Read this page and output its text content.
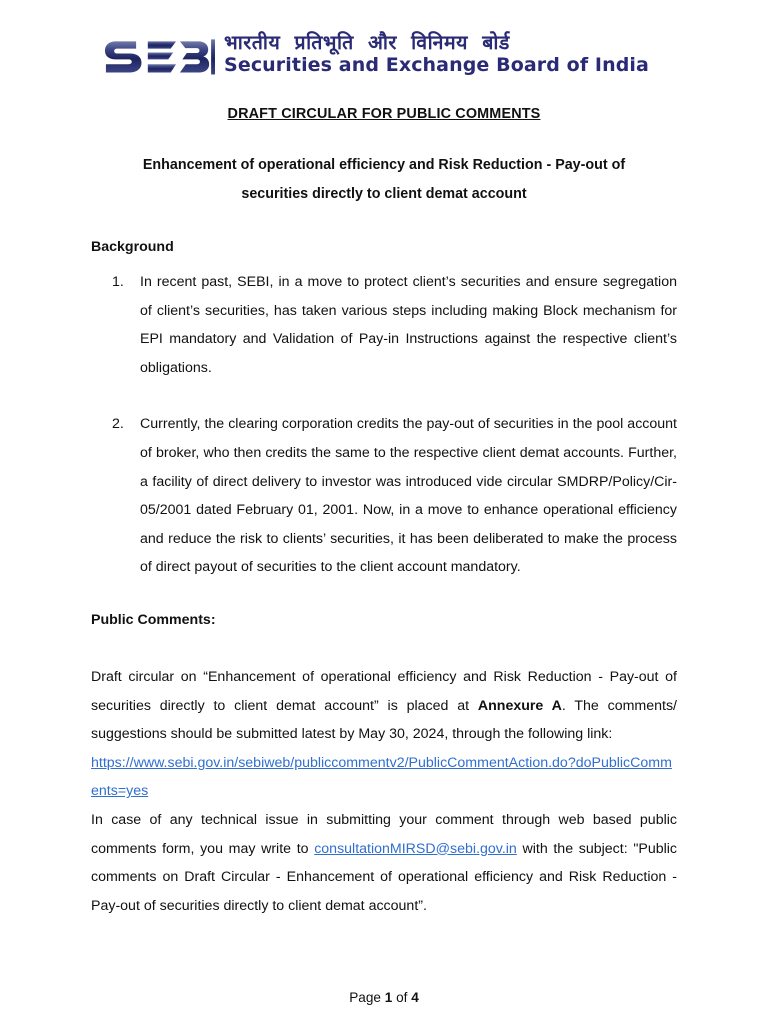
भारतीय प्रतिभूति और विनिमय बोर्ड
Securities and Exchange Board of India
DRAFT CIRCULAR FOR PUBLIC COMMENTS
Enhancement of operational efficiency and Risk Reduction - Pay-out of securities directly to client demat account
Background
1.	In recent past, SEBI, in a move to protect client’s securities and ensure segregation of client’s securities, has taken various steps including making Block mechanism for EPI mandatory and Validation of Pay-in Instructions against the respective client’s obligations.
2.	Currently, the clearing corporation credits the pay-out of securities in the pool account of broker, who then credits the same to the respective client demat accounts. Further, a facility of direct delivery to investor was introduced vide circular SMDRP/Policy/Cir-05/2001 dated February 01, 2001. Now, in a move to enhance operational efficiency and reduce the risk to clients’ securities, it has been deliberated to make the process of direct payout of securities to the client account mandatory.
Public Comments:
Draft circular on “Enhancement of operational efficiency and Risk Reduction - Pay-out of securities directly to client demat account” is placed at Annexure A. The comments/ suggestions should be submitted latest by May 30, 2024, through the following link:
https://www.sebi.gov.in/sebiweb/publiccommentv2/PublicCommentAction.do?doPublicComments=yes
In case of any technical issue in submitting your comment through web based public comments form, you may write to consultationMIRSD@sebi.gov.in with the subject: "Public comments on Draft Circular - Enhancement of operational efficiency and Risk Reduction - Pay-out of securities directly to client demat account”.
Page 1 of 4
